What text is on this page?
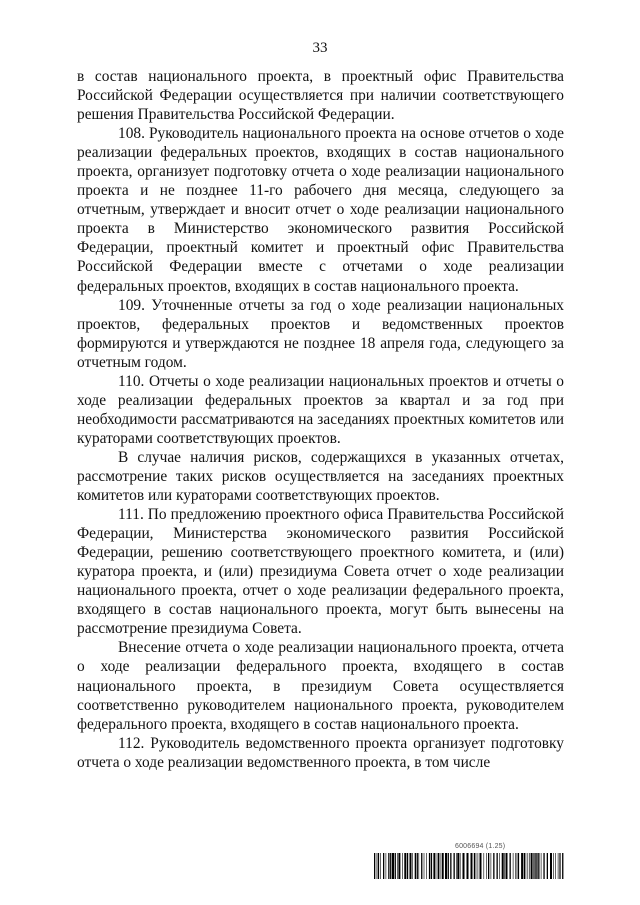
33

в состав национального проекта, в проектный офис Правительства Российской Федерации осуществляется при наличии соответствующего решения Правительства Российской Федерации.

108. Руководитель национального проекта на основе отчетов о ходе реализации федеральных проектов, входящих в состав национального проекта, организует подготовку отчета о ходе реализации национального проекта и не позднее 11-го рабочего дня месяца, следующего за отчетным, утверждает и вносит отчет о ходе реализации национального проекта в Министерство экономического развития Российской Федерации, проектный комитет и проектный офис Правительства Российской Федерации вместе с отчетами о ходе реализации федеральных проектов, входящих в состав национального проекта.

109. Уточненные отчеты за год о ходе реализации национальных проектов, федеральных проектов и ведомственных проектов формируются и утверждаются не позднее 18 апреля года, следующего за отчетным годом.

110. Отчеты о ходе реализации национальных проектов и отчеты о ходе реализации федеральных проектов за квартал и за год при необходимости рассматриваются на заседаниях проектных комитетов или кураторами соответствующих проектов.

В случае наличия рисков, содержащихся в указанных отчетах, рассмотрение таких рисков осуществляется на заседаниях проектных комитетов или кураторами соответствующих проектов.

111. По предложению проектного офиса Правительства Российской Федерации, Министерства экономического развития Российской Федерации, решению соответствующего проектного комитета, и (или) куратора проекта, и (или) президиума Совета отчет о ходе реализации национального проекта, отчет о ходе реализации федерального проекта, входящего в состав национального проекта, могут быть вынесены на рассмотрение президиума Совета.

Внесение отчета о ходе реализации национального проекта, отчета о ходе реализации федерального проекта, входящего в состав национального проекта, в президиум Совета осуществляется соответственно руководителем национального проекта, руководителем федерального проекта, входящего в состав национального проекта.

112. Руководитель ведомственного проекта организует подготовку отчета о ходе реализации ведомственного проекта, в том числе

6006694 (1.25)
